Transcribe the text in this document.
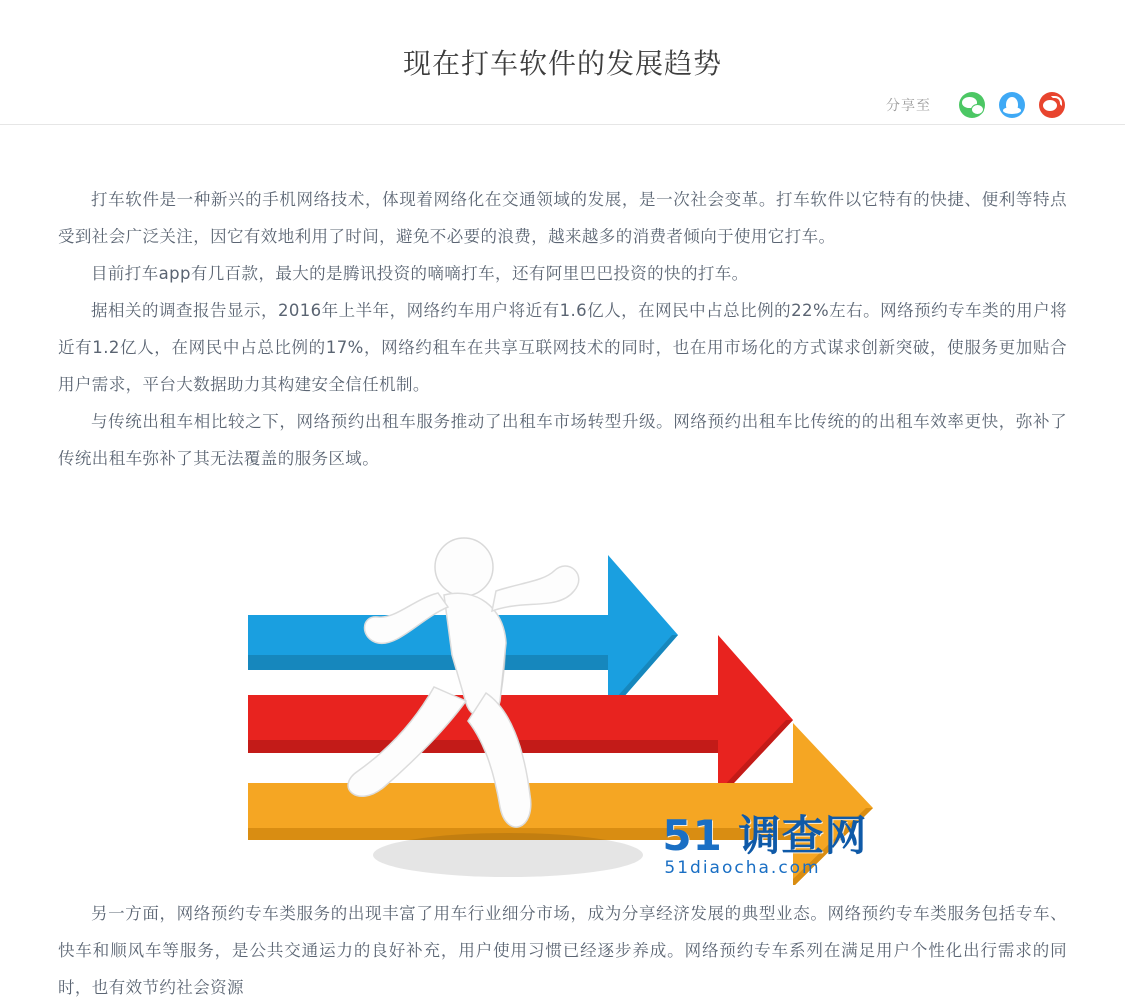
现在打车软件的发展趋势
分享至

打车软件是一种新兴的手机网络技术，体现着网络化在交通领域的发展，是一次社会变革。打车软件以它特有的快捷、便利等特点受到社会广泛关注，因它有效地利用了时间，避免不必要的浪费，越来越多的消费者倾向于使用它打车。

目前打车app有几百款，最大的是腾讯投资的嘀嘀打车，还有阿里巴巴投资的快的打车。

据相关的调查报告显示，2016年上半年，网络约车用户将近有1.6亿人，在网民中占总比例的22%左右。网络预约专车类的用户将近有1.2亿人，在网民中占总比例的17%，网络约租车在共享互联网技术的同时，也在用市场化的方式谋求创新突破，使服务更加贴合用户需求，平台大数据助力其构建安全信任机制。

与传统出租车相比较之下，网络预约出租车服务推动了出租车市场转型升级。网络预约出租车比传统的的出租车效率更快，弥补了传统出租车弥补了其无法覆盖的服务区域。

51 调查网
51diaocha.com

另一方面，网络预约专车类服务的出现丰富了用车行业细分市场，成为分享经济发展的典型业态。网络预约专车类服务包括专车、快车和顺风车等服务，是公共交通运力的良好补充，用户使用习惯已经逐步养成。网络预约专车系列在满足用户个性化出行需求的同时，也有效节约社会资源
